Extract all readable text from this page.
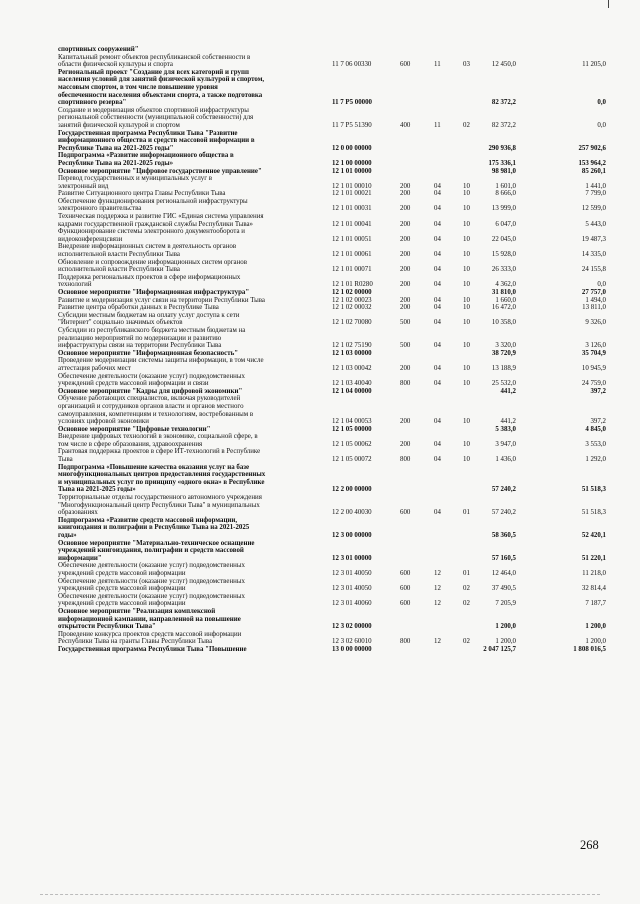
спортивных сооружений"
Капитальный ремонт объектов республиканской собственности в
области физической культуры и спорта	11 7 06 00330	600	11	03	12 450,0	11 205,0
Региональный проект "Создание для всех категорий и групп
населения условий для занятий физической культурой и спортом,
массовым спортом, в том числе повышение уровня
обеспеченности населения объектами спорта, а также подготовка
спортивного резерва"	11 7 P5 00000	82 372,2	0,0
Создание и модернизация объектов спортивной инфраструктуры
региональной собственности (муниципальной собственности) для
занятий физической культурой и спортом	11 7 P5 51390	400	11	02	82 372,2	0,0
Государственная программа Республики Тыва "Развитие
информационного общества и средств массовой информации в
Республике Тыва на 2021-2025 годы"	12 0 00 00000	290 936,8	257 902,6
Подпрограмма «Развитие информационного общества в
Республике Тыва на 2021-2025 годы»	12 1 00 00000	175 336,1	153 964,2
Основное мероприятие "Цифровое государственное управление"	12 1 01 00000	98 981,0	85 260,1
Перевод государственных и муниципальных услуг в
электронный вид	12 1 01 00010	200	04	10	1 601,0	1 441,0
Развитие Ситуационного центра Главы Республики Тыва	12 1 01 00021	200	04	10	8 666,0	7 799,0
Обеспечение функционирования региональной инфраструктуры
электронного правительства	12 1 01 00031	200	04	10	13 999,0	12 599,0
Техническая поддержка и развитие ГИС «Единая система управления
кадрами государственной гражданской службы Республики Тыва»	12 1 01 00041	200	04	10	6 047,0	5 443,0
Функционирование системы электронного документооборота и
видеоконференцсвязи	12 1 01 00051	200	04	10	22 045,0	19 487,3
Внедрение информационных систем в деятельность органов
исполнительной власти Республики Тыва	12 1 01 00061	200	04	10	15 928,0	14 335,0
Обновление и сопровождение информационных систем органов
исполнительной власти Республики Тыва	12 1 01 00071	200	04	10	26 333,0	24 155,8
Поддержка региональных проектов в сфере информационных
технологий	12 1 01 R0280	200	04	10	4 362,0	0,0
Основное мероприятие "Информационная инфраструктура"	12 1 02 00000	31 810,0	27 757,0
Развитие и модернизация услуг связи на территории Республики Тыва	12 1 02 00023	200	04	10	1 660,0	1 494,0
Развитие центра обработки данных в Республике Тыва	12 1 02 00032	200	04	10	16 472,0	13 811,0
Субсидии местным бюджетам на оплату услуг доступа к сети
"Интернет" социально значимых объектов	12 1 02 70080	500	04	10	10 358,0	9 326,0
Субсидии из республиканского бюджета местным бюджетам на
реализацию мероприятий по модернизации и развитию
инфраструктуры связи на территории Республики Тыва	12 1 02 75190	500	04	10	3 320,0	3 126,0
Основное мероприятие "Информационная безопасность"	12 1 03 00000	38 720,9	35 704,9
Проведение модернизации системы защиты информации, в том числе
аттестация рабочих мест	12 1 03 00042	200	04	10	13 188,9	10 945,9
Обеспечение деятельности (оказание услуг) подведомственных
учреждений средств массовой информации и связи	12 1 03 40040	800	04	10	25 532,0	24 759,0
Основное мероприятие "Кадры для цифровой экономики"	12 1 04 00000	441,2	397,2
Обучение работающих специалистов, включая руководителей
организаций и сотрудников органов власти и органов местного
самоуправления, компетенциям и технологиям, востребованным в
условиях цифровой экономики	12 1 04 00053	200	04	10	441,2	397,2
Основное мероприятие "Цифровые технологии"	12 1 05 00000	5 383,0	4 845,0
Внедрение цифровых технологий в экономике, социальной сфере, в
том числе в сфере образования, здравоохранения	12 1 05 00062	200	04	10	3 947,0	3 553,0
Грантовая поддержка проектов в сфере ИТ-технологий в Республике
Тыва	12 1 05 00072	800	04	10	1 436,0	1 292,0
Подпрограмма «Повышение качества оказания услуг на базе
многофункциональных центров предоставления государственных
и муниципальных услуг по принципу «одного окна» в Республике
Тыва на 2021-2025 годы»	12 2 00 00000	57 240,2	51 518,3
Территориальные отделы государственного автономного учреждения
"Многофункциональный центр Республики Тыва" в муниципальных
образованиях	12 2 00 40030	600	04	01	57 240,2	51 518,3
Подпрограмма «Развитие средств массовой информации,
книгоиздания и полиграфии в Республике Тыва на 2021-2025
годы»	12 3 00 00000	58 360,5	52 420,1
Основное мероприятие "Материально-техническое оснащение
учреждений книгоиздания, полиграфии и средств массовой
информации"	12 3 01 00000	57 160,5	51 220,1
Обеспечение деятельности (оказание услуг) подведомственных
учреждений средств массовой информации	12 3 01 40050	600	12	01	12 464,0	11 218,0
Обеспечение деятельности (оказание услуг) подведомственных
учреждений средств массовой информации	12 3 01 40050	600	12	02	37 490,5	32 814,4
Обеспечение деятельности (оказание услуг) подведомственных
учреждений средств массовой информации	12 3 01 40060	600	12	02	7 205,9	7 187,7
Основное мероприятие "Реализация комплексной
информационной кампании, направленной на повышение
открытости Республики Тыва"	12 3 02 00000	1 200,0	1 200,0
Проведение конкурса проектов средств массовой информации
Республики Тыва на гранты Главы Республики Тыва	12 3 02 60010	800	12	02	1 200,0	1 200,0
Государственная программа Республики Тыва "Повышение	13 0 00 00000	2 047 125,7	1 808 016,5
268
